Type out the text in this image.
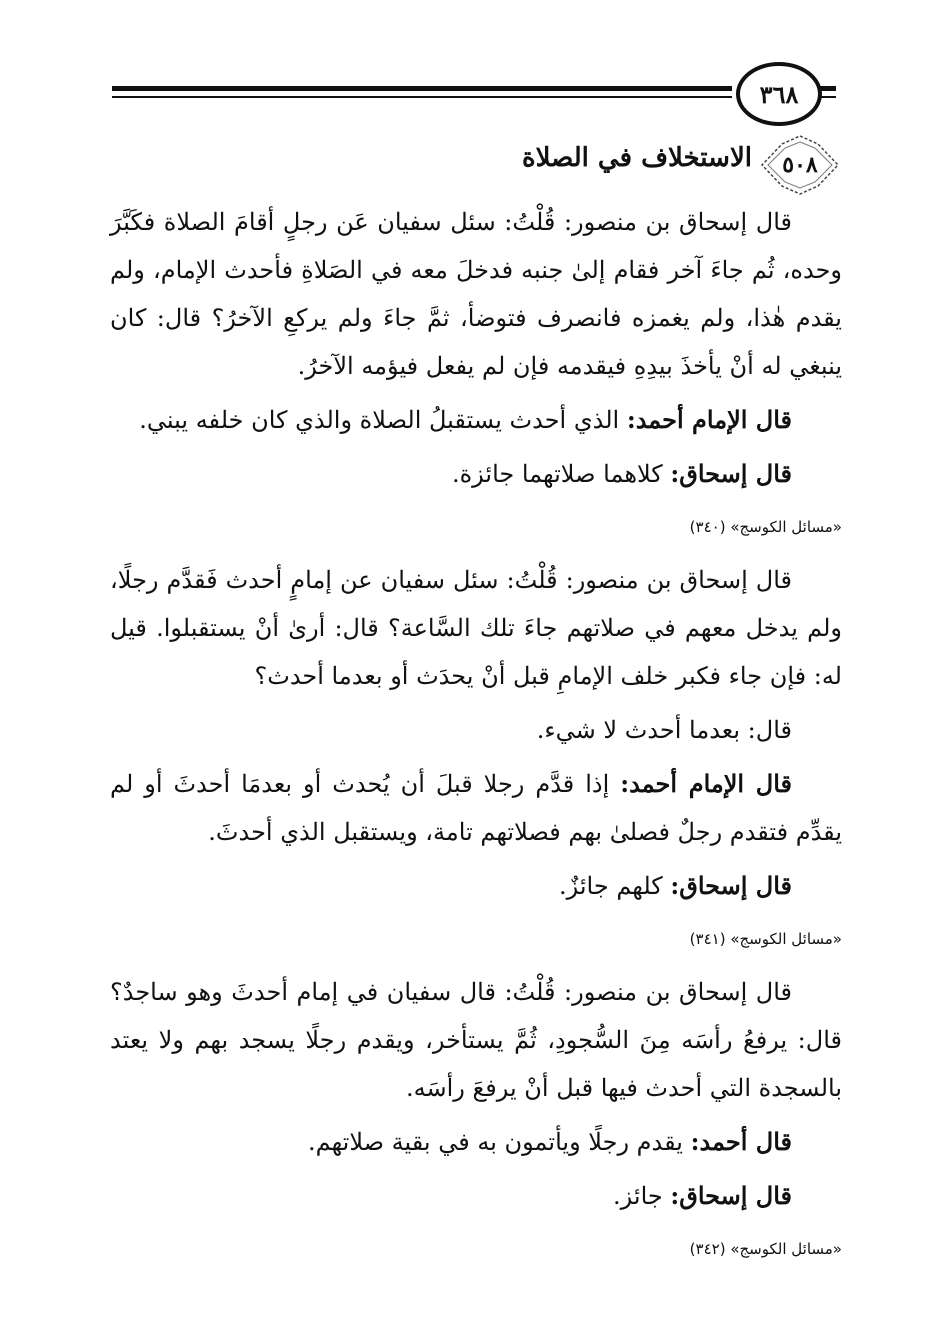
٣٦٨
٥٠٨
الاستخلاف في الصلاة

قال إسحاق بن منصور: قُلْتُ: سئل سفيان عَن رجلٍ أقامَ الصلاة فكَبَّرَ وحده، ثُم جاءَ آخر فقام إلىٰ جنبه فدخلَ معه في الصَلاةِ فأحدث الإمام، ولم يقدم هٰذا، ولم يغمزه فانصرف فتوضأ، ثمَّ جاءَ ولم يركعِ الآخرُ؟ قال: كان ينبغي له أنْ يأخذَ بيدِهِ فيقدمه فإن لم يفعل فيؤمه الآخرُ.

قال الإمام أحمد: الذي أحدث يستقبلُ الصلاة والذي كان خلفه يبني.

قال إسحاق: كلاهما صلاتهما جائزة.

«مسائل الكوسج» (٣٤٠)

قال إسحاق بن منصور: قُلْتُ: سئل سفيان عن إمامٍ أحدث فَقدَّم رجلًا، ولم يدخل معهم في صلاتهم جاءَ تلك السَّاعة؟ قال: أرىٰ أنْ يستقبلوا. قيل له: فإن جاء فكبر خلف الإمامِ قبل أنْ يحدَث أو بعدما أحدث؟

قال: بعدما أحدث لا شيء.

قال الإمام أحمد: إذا قدَّم رجلا قبلَ أن يُحدث أو بعدمَا أحدثَ أو لم يقدِّم فتقدم رجلٌ فصلىٰ بهم فصلاتهم تامة، ويستقبل الذي أحدثَ.

قال إسحاق: كلهم جائزٌ.

«مسائل الكوسج» (٣٤١)

قال إسحاق بن منصور: قُلْتُ: قال سفيان في إمام أحدثَ وهو ساجدٌ؟ قال: يرفعُ رأسَه مِنَ السُّجودِ، ثُمَّ يستأخر، ويقدم رجلًا يسجد بهم ولا يعتد بالسجدة التي أحدث فيها قبل أنْ يرفعَ رأسَه.

قال أحمد: يقدم رجلًا ويأتمون به في بقية صلاتهم.

قال إسحاق: جائز.

«مسائل الكوسج» (٣٤٢)
